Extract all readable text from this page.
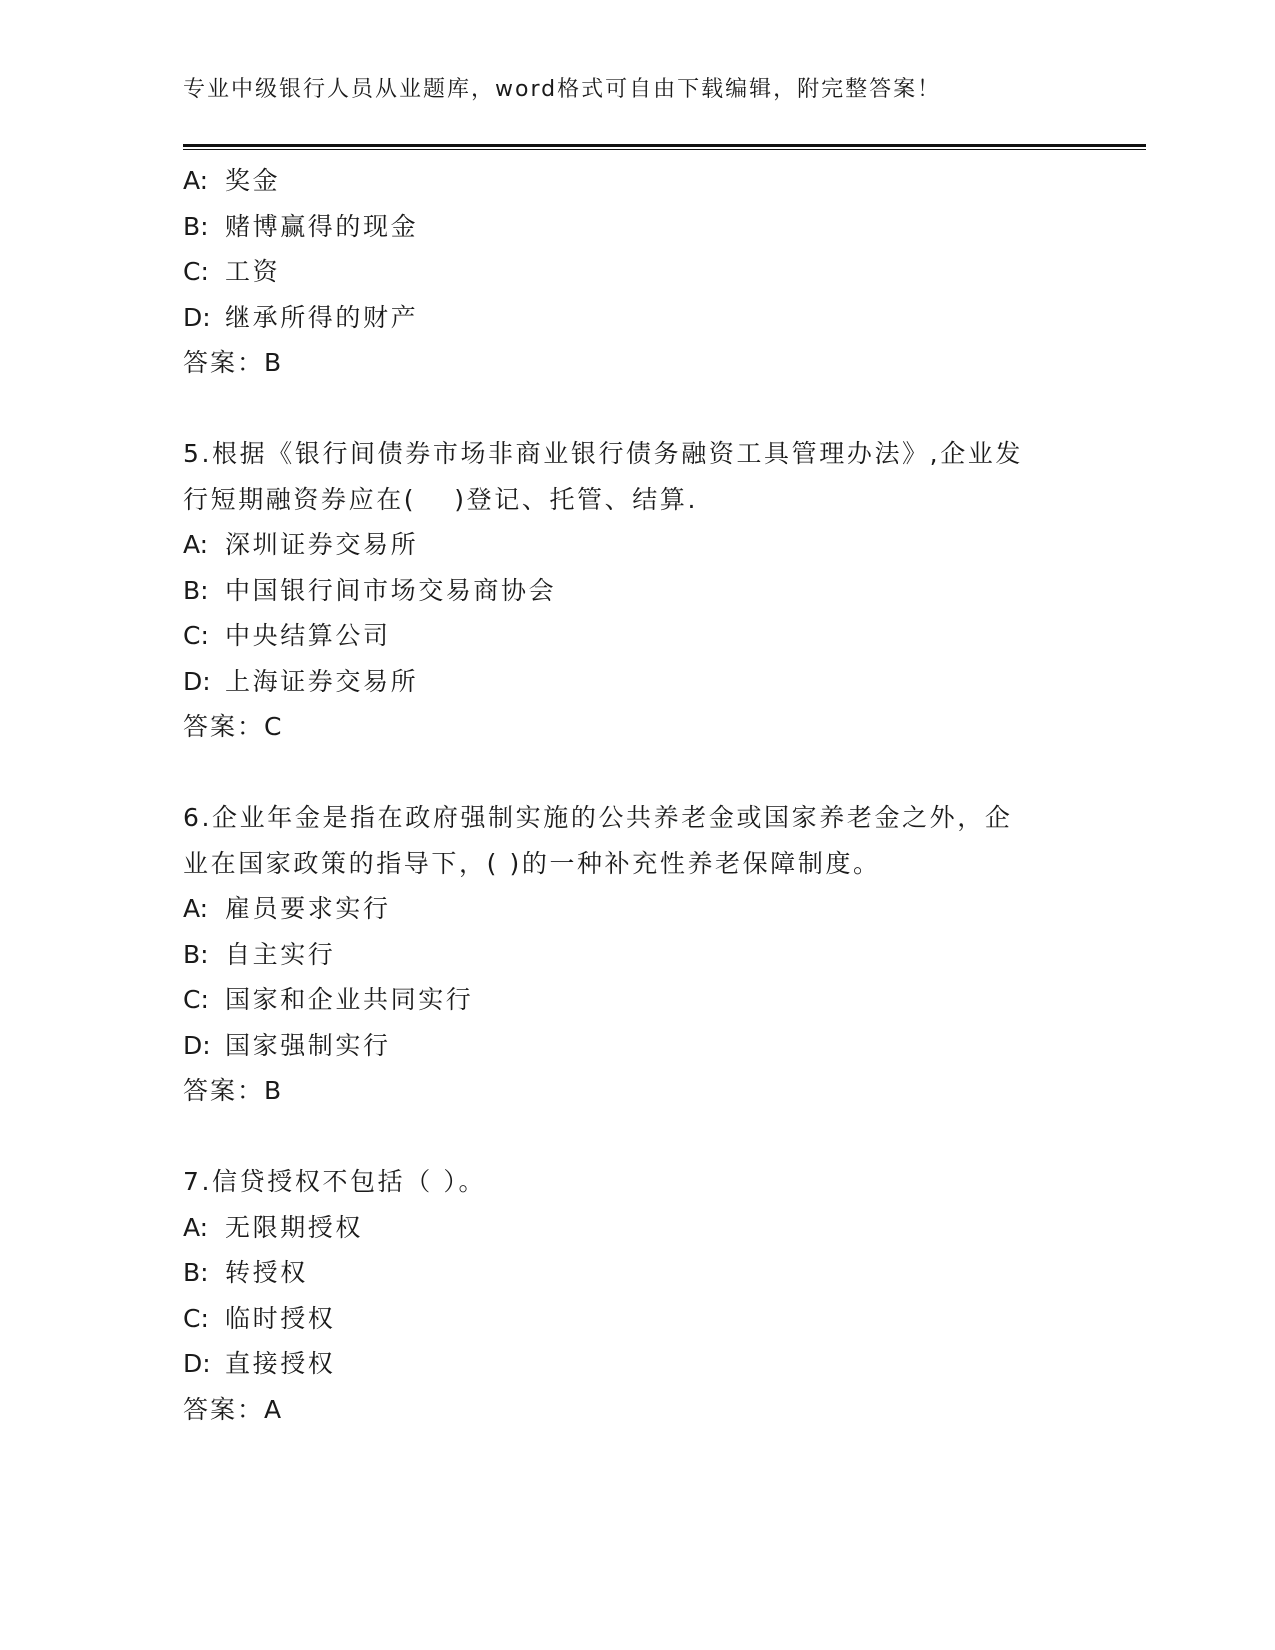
专业中级银行人员从业题库，word格式可自由下载编辑，附完整答案！
A: 奖金
B: 赌博赢得的现金
C: 工资
D: 继承所得的财产
答案：B
5.根据《银行间债券市场非商业银行债务融资工具管理办法》,企业发
行短期融资券应在(　 )登记、托管、结算.
A: 深圳证券交易所
B: 中国银行间市场交易商协会
C: 中央结算公司
D: 上海证券交易所
答案：C
6.企业年金是指在政府强制实施的公共养老金或国家养老金之外，企
业在国家政策的指导下，( )的一种补充性养老保障制度。
A: 雇员要求实行
B: 自主实行
C: 国家和企业共同实行
D: 国家强制实行
答案：B
7.信贷授权不包括（ ）。
A: 无限期授权
B: 转授权
C: 临时授权
D: 直接授权
答案：A
